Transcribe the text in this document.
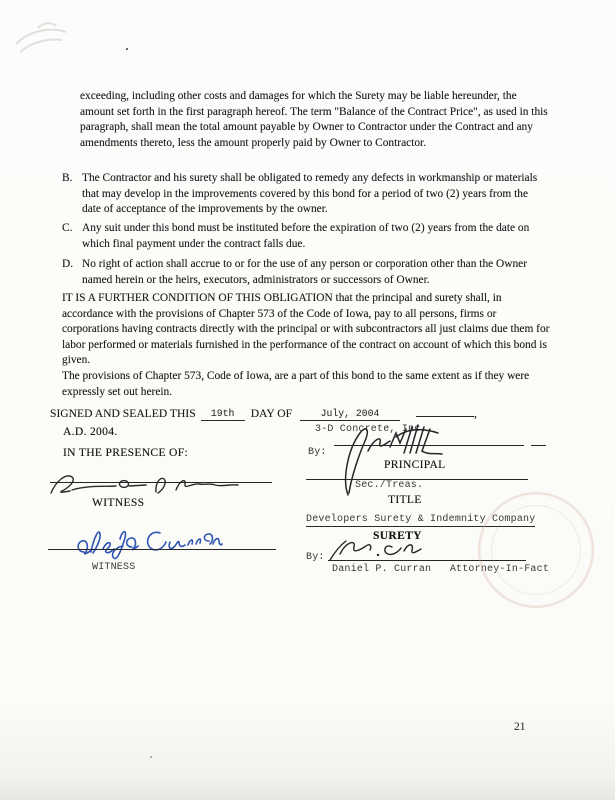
exceeding, including other costs and damages for which the Surety may be liable hereunder, the amount set forth in the first paragraph hereof. The term "Balance of the Contract Price", as used in this paragraph, shall mean the total amount payable by Owner to Contractor under the Contract and any amendments thereto, less the amount properly paid by Owner to Contractor.

B. The Contractor and his surety shall be obligated to remedy any defects in workmanship or materials that may develop in the improvements covered by this bond for a period of two (2) years from the date of acceptance of the improvements by the owner.
C. Any suit under this bond must be instituted before the expiration of two (2) years from the date on which final payment under the contract falls due.
D. No right of action shall accrue to or for the use of any person or corporation other than the Owner named herein or the heirs, executors, administrators or successors of Owner.

IT IS A FURTHER CONDITION OF THIS OBLIGATION that the principal and surety shall, in accordance with the provisions of Chapter 573 of the Code of Iowa, pay to all persons, firms or corporations having contracts directly with the principal or with subcontractors all just claims due them for labor performed or materials furnished in the performance of the contract on account of which this bond is given.

The provisions of Chapter 573, Code of Iowa, are a part of this bond to the same extent as if they were expressly set out herein.

SIGNED AND SEALED THIS	19th	DAY OF	July, 2004	,
A.D. 2004.
IN THE PRESENCE OF:
WITNESS
WITNESS
3-D Concrete, Inc.
By:
PRINCIPAL
Sec./Treas.
TITLE
Developers Surety & Indemnity Company
SURETY
By:
Daniel P. Curran   Attorney-In-Fact
21
